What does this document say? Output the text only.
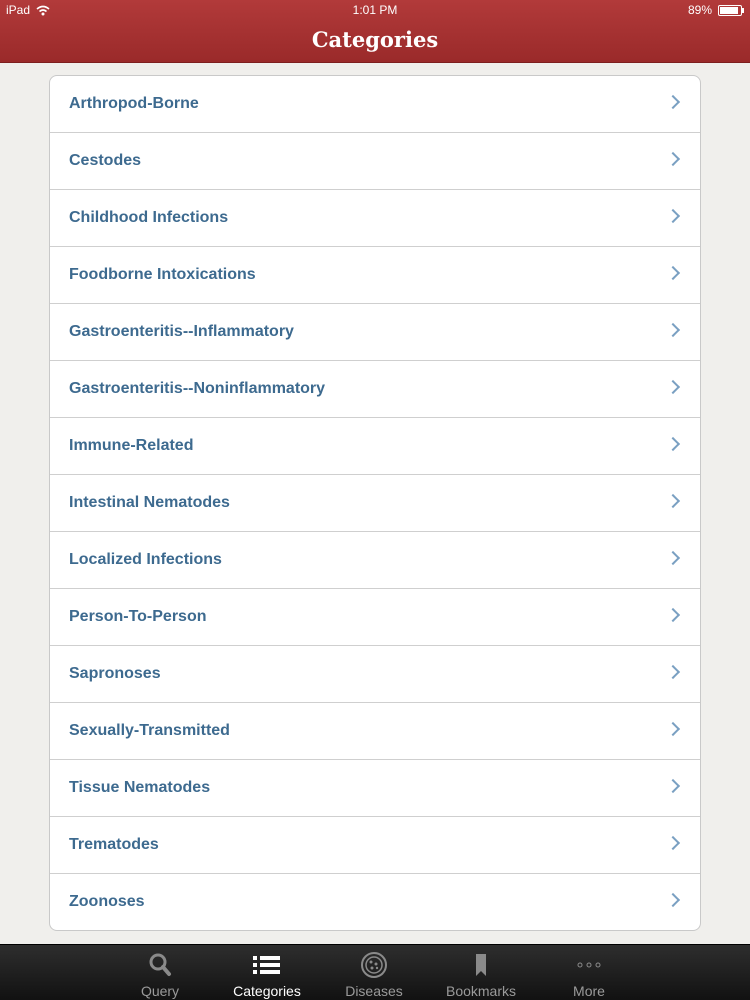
iPad	1:01 PM	89%
Categories
Arthropod-Borne
Cestodes
Childhood Infections
Foodborne Intoxications
Gastroenteritis--Inflammatory
Gastroenteritis--Noninflammatory
Immune-Related
Intestinal Nematodes
Localized Infections
Person-To-Person
Sapronoses
Sexually-Transmitted
Tissue Nematodes
Trematodes
Zoonoses
Query	Categories	Diseases	Bookmarks	More
